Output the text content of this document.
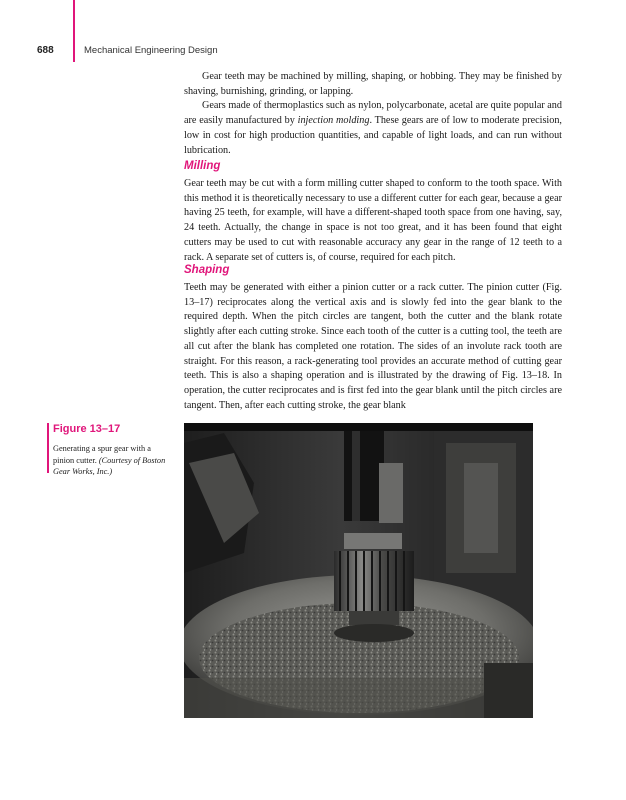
688	Mechanical Engineering Design

Gear teeth may be machined by milling, shaping, or hobbing. They may be finished by shaving, burnishing, grinding, or lapping.

Gears made of thermoplastics such as nylon, polycarbonate, acetal are quite popular and are easily manufactured by injection molding. These gears are of low to moderate precision, low in cost for high production quantities, and capable of light loads, and can run without lubrication.

Milling

Gear teeth may be cut with a form milling cutter shaped to conform to the tooth space. With this method it is theoretically necessary to use a different cutter for each gear, because a gear having 25 teeth, for example, will have a different-shaped tooth space from one having, say, 24 teeth. Actually, the change in space is not too great, and it has been found that eight cutters may be used to cut with reasonable accuracy any gear in the range of 12 teeth to a rack. A separate set of cutters is, of course, required for each pitch.

Shaping

Teeth may be generated with either a pinion cutter or a rack cutter. The pinion cutter (Fig. 13–17) reciprocates along the vertical axis and is slowly fed into the gear blank to the required depth. When the pitch circles are tangent, both the cutter and the blank rotate slightly after each cutting stroke. Since each tooth of the cutter is a cutting tool, the teeth are all cut after the blank has completed one rotation. The sides of an involute rack tooth are straight. For this reason, a rack-generating tool provides an accurate method of cutting gear teeth. This is also a shaping operation and is illustrated by the drawing of Fig. 13–18. In operation, the cutter reciprocates and is first fed into the gear blank until the pitch circles are tangent. Then, after each cutting stroke, the gear blank

Figure 13–17
Generating a spur gear with a pinion cutter. (Courtesy of Boston Gear Works, Inc.)
